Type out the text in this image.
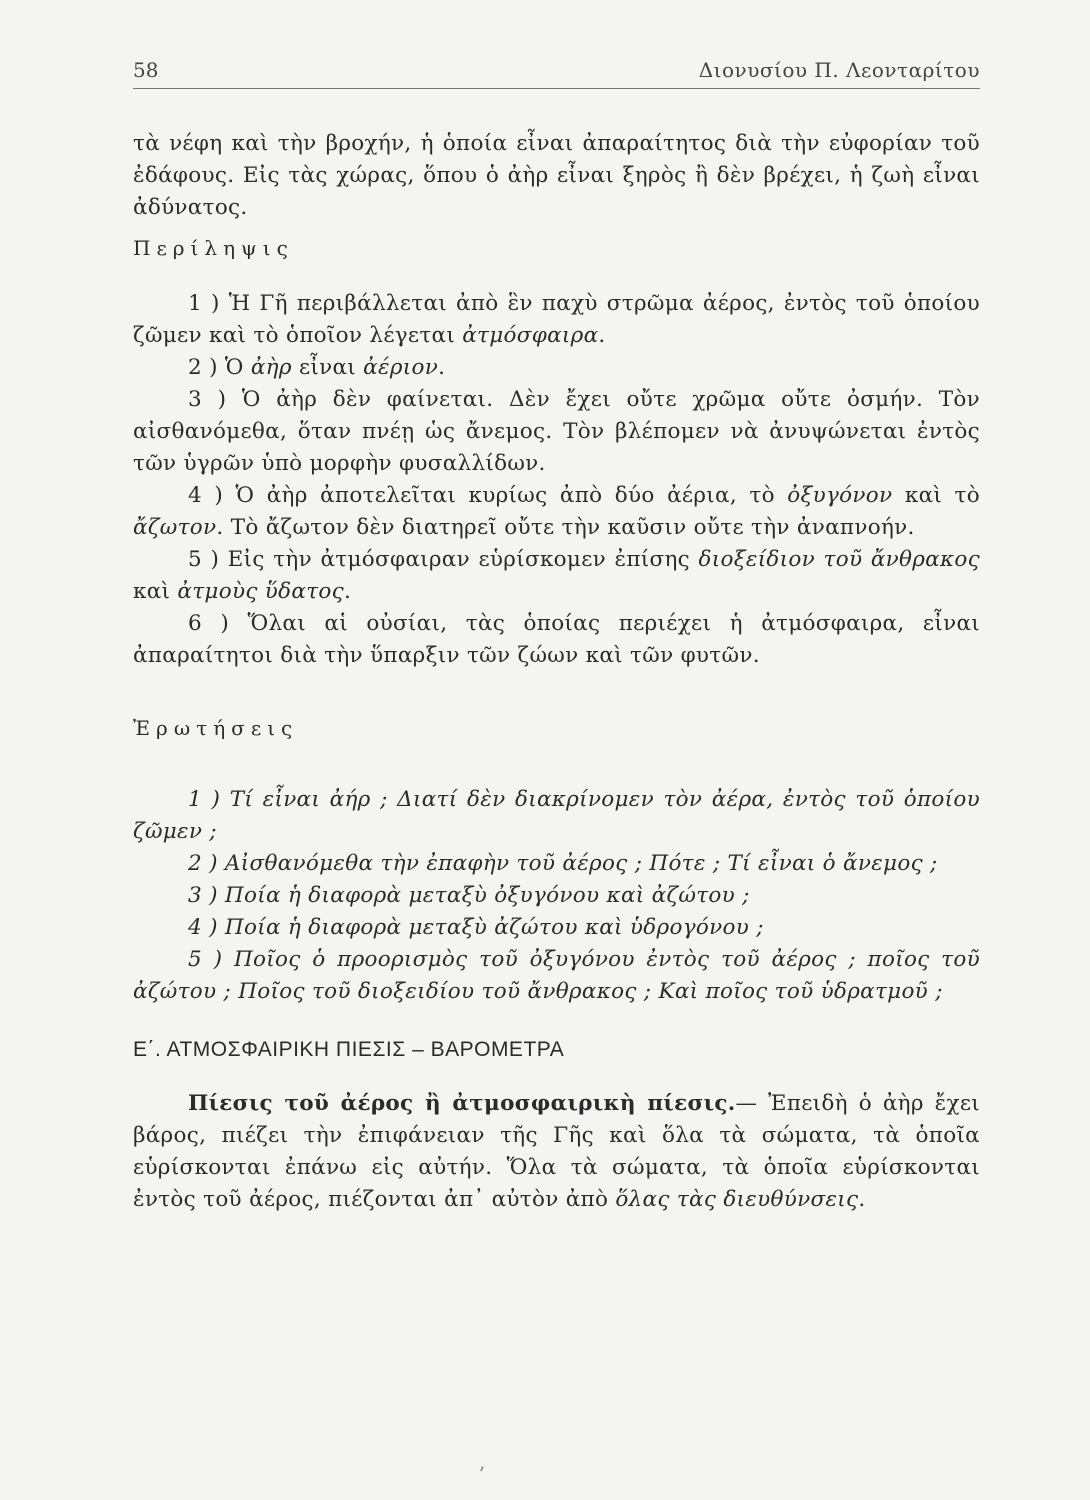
58	Διονυσίου Π. Λεονταρίτου

τὰ νέφη καὶ τὴν βροχήν, ἡ ὁποία εἶναι ἀπαραίτητος διὰ τὴν εὐφορίαν τοῦ ἐδάφους. Εἰς τὰς χώρας, ὅπου ὁ ἀὴρ εἶναι ξηρὸς ἢ δὲν βρέχει, ἡ ζωὴ εἶναι ἀδύνατος.

Περίληψις

1 ) Ἡ Γῆ περιβάλλεται ἀπὸ ἓν παχὺ στρῶμα ἀέρος, ἐντὸς τοῦ ὁποίου ζῶμεν καὶ τὸ ὁποῖον λέγεται ἀτμόσφαιρα.

2 ) Ὁ ἀὴρ εἶναι ἀέριον.

3 ) Ὁ ἀὴρ δὲν φαίνεται. Δὲν ἔχει οὔτε χρῶμα οὔτε ὀσμήν. Τὸν αἰσθανόμεθα, ὅταν πνέῃ ὡς ἄνεμος. Τὸν βλέπομεν νὰ ἀνυψώνεται ἐντὸς τῶν ὑγρῶν ὑπὸ μορφὴν φυσαλλίδων.

4 ) Ὁ ἀὴρ ἀποτελεῖται κυρίως ἀπὸ δύο ἀέρια, τὸ ὀξυγόνον καὶ τὸ ἄζωτον. Τὸ ἄζωτον δὲν διατηρεῖ οὔτε τὴν καῦσιν οὔτε τὴν ἀναπνοήν.

5 ) Εἰς τὴν ἀτμόσφαιραν εὑρίσκομεν ἐπίσης διοξείδιον τοῦ ἄνθρακος καὶ ἀτμοὺς ὕδατος.

6 ) Ὅλαι αἱ οὐσίαι, τὰς ὁποίας περιέχει ἡ ἀτμόσφαιρα, εἶναι ἀπαραίτητοι διὰ τὴν ὕπαρξιν τῶν ζώων καὶ τῶν φυτῶν.

Ἐρωτήσεις

1 ) Τί εἶναι ἀήρ ; Διατί δὲν διακρίνομεν τὸν ἀέρα, ἐντὸς τοῦ ὁποίου ζῶμεν ;

2 ) Αἰσθανόμεθα τὴν ἐπαφὴν τοῦ ἀέρος ; Πότε ; Τί εἶναι ὁ ἄνεμος ;

3 ) Ποία ἡ διαφορὰ μεταξὺ ὀξυγόνου καὶ ἀζώτου ;

4 ) Ποία ἡ διαφορὰ μεταξὺ ἀζώτου καὶ ὑδρογόνου ;

5 ) Ποῖος ὁ προορισμὸς τοῦ ὀξυγόνου ἐντὸς τοῦ ἀέρος ; ποῖος τοῦ ἀζώτου ; Ποῖος τοῦ διοξειδίου τοῦ ἄνθρακος ; Καὶ ποῖος τοῦ ὑδρατμοῦ ;

Ε΄. ΑΤΜΟΣΦΑΙΡΙΚΗ ΠΙΕΣΙΣ – ΒΑΡΟΜΕΤΡΑ

Πίεσις τοῦ ἀέρος ἢ ἀτμοσφαιρικὴ πίεσις.— Ἐπειδὴ ὁ ἀὴρ ἔχει βάρος, πιέζει τὴν ἐπιφάνειαν τῆς Γῆς καὶ ὅλα τὰ σώματα, τὰ ὁποῖα εὑρίσκονται ἐπάνω εἰς αὐτήν. Ὅλα τὰ σώματα, τὰ ὁποῖα εὑρίσκονται ἐντὸς τοῦ ἀέρος, πιέζονται ἀπ᾽ αὐτὸν ἀπὸ ὅλας τὰς διευθύνσεις.

ʼ
